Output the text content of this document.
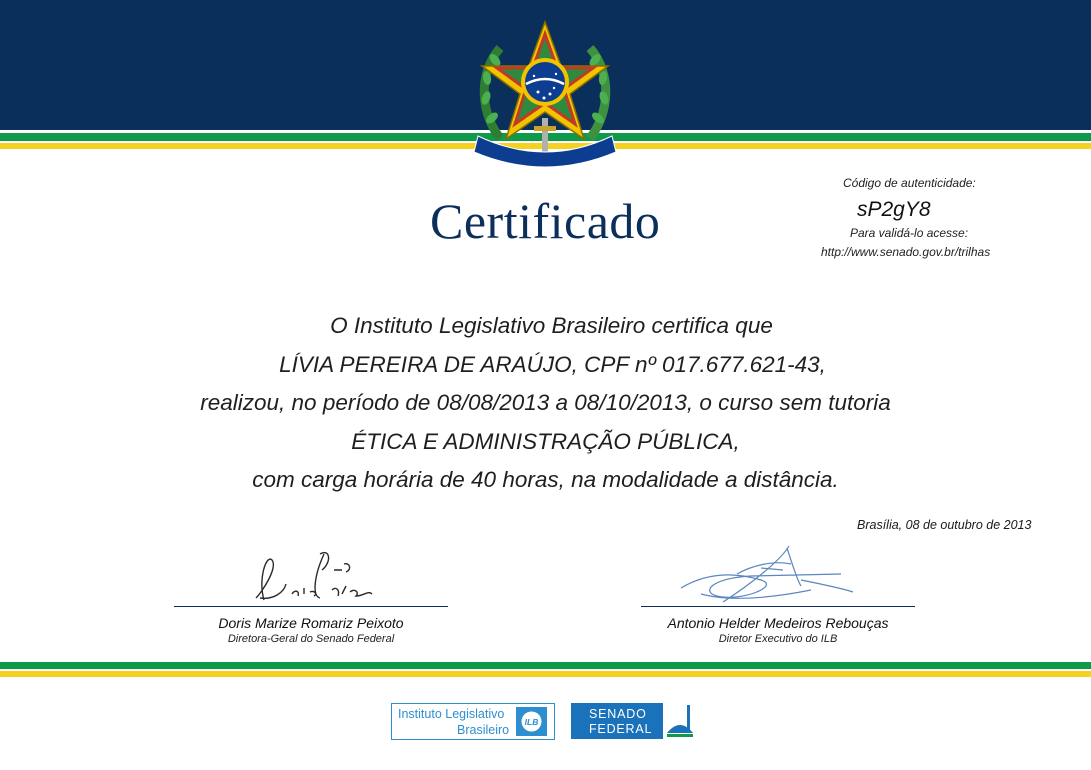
Certificado
Código de autenticidade:
sP2gY8
Para validá-lo acesse:
http://www.senado.gov.br/trilhas
O Instituto Legislativo Brasileiro certifica que
LÍVIA PEREIRA DE ARAÚJO, CPF nº 017.677.621-43,
realizou, no período de 08/08/2013 a 08/10/2013, o curso sem tutoria
ÉTICA E ADMINISTRAÇÃO PÚBLICA,
com carga horária de 40 horas, na modalidade a distância.
Brasília, 08 de outubro de 2013
Doris Marize Romariz Peixoto
Diretora-Geral do Senado Federal
Antonio Helder Medeiros Rebouças
Diretor Executivo do ILB
Instituto Legislativo
Brasileiro
ILB
SENADO
FEDERAL
